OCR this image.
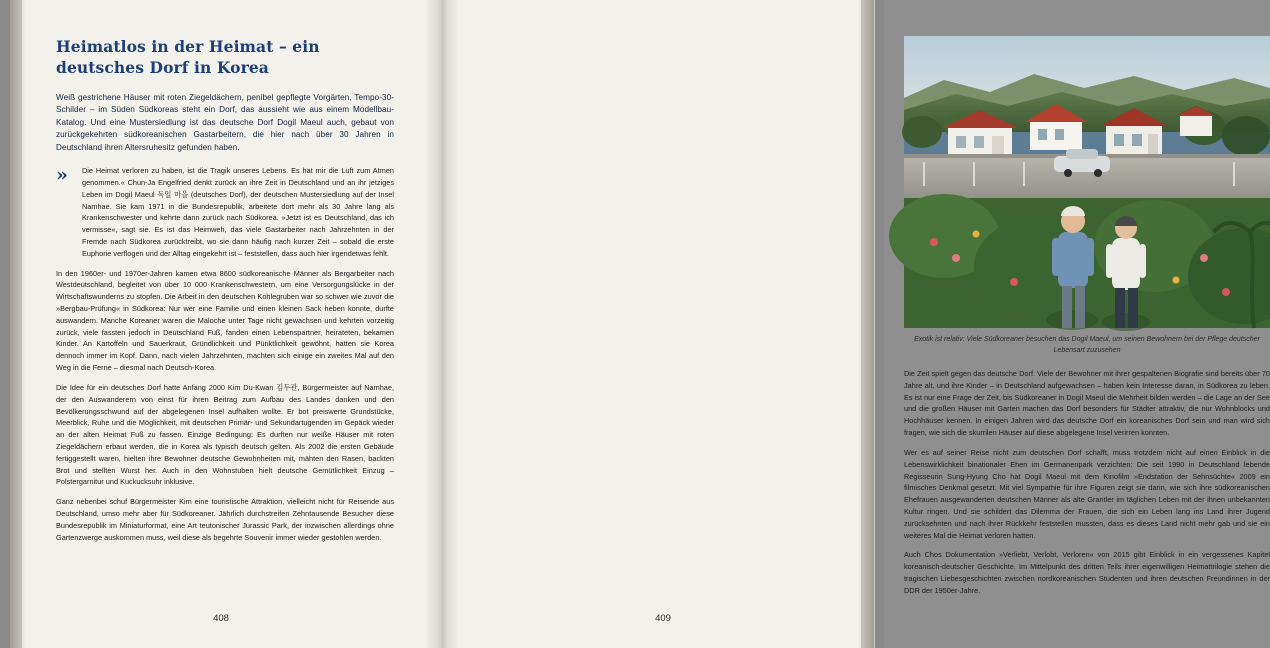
Heimatlos in der Heimat – ein deutsches Dorf in Korea

Weiß gestrichene Häuser mit roten Ziegeldächern, penibel gepflegte Vorgärten, Tempo-30-Schilder – im Süden Südkoreas steht ein Dorf, das aussieht wie aus einem Modellbau-Katalog. Und eine Mustersiedlung ist das deutsche Dorf Dogil Maeul auch, gebaut von zurückgekehrten südkoreanischen Gastarbeitern, die hier nach über 30 Jahren in Deutschland ihren Altersruhesitz gefunden haben.

» Die Heimat verloren zu haben, ist die Tragik unseres Lebens. Es hat mir die Luft zum Atmen genommen.« Chun-Ja Engelfried denkt zurück an ihre Zeit in Deutschland und an ihr jetziges Leben im Dogil Maeul 독일 마을 (deutsches Dorf), der deutschen Mustersiedlung auf der Insel Namhae. Sie kam 1971 in die Bundesrepublik, arbeitete dort mehr als 30 Jahre lang als Krankenschwester und kehrte dann zurück nach Südkorea. »Jetzt ist es Deutschland, das ich vermisse«, sagt sie. Es ist das Heimweh, das viele Gastarbeiter nach Jahrzehnten in der Fremde nach Südkorea zurücktreibt, wo sie dann häufig nach kurzer Zeit – sobald die erste Euphorie verflogen und der Alltag eingekehrt ist – feststellen, dass auch hier irgendetwas fehlt.

In den 1960er- und 1970er-Jahren kamen etwa 8600 südkoreanische Männer als Bergarbeiter nach Westdeutschland, begleitet von über 10 000 Krankenschwestern, um eine Versorgungslücke in der Wirtschaftswunderns zu stopfen. Die Arbeit in den deutschen Kohlegruben war so schwer wie zuvor die »Bergbau-Prüfung« in Südkorea: Nur wer eine Familie und einen kleinen Sack heben konnte, durfte auswandern. Manche Koreaner waren die Maloche unter Tage nicht gewachsen und kehrten vorzeitig zurück, viele fassten jedoch in Deutschland Fuß, fanden einen Lebenspartner, heirateten, bekamen Kinder. An Kartoffeln und Sauerkraut, Gründlichkeit und Pünktlichkeit gewöhnt, hatten sie Korea dennoch immer im Kopf. Dann, nach vielen Jahrzehnten, machten sich einige ein zweites Mal auf den Weg in die Ferne – diesmal nach Deutsch-Korea.

Die Idee für ein deutsches Dorf hatte Anfang 2000 Kim Du-Kwan 김두관, Bürgermeister auf Namhae, der den Auswanderern von einst für ihren Beitrag zum Aufbau des Landes danken und den Bevölkerungsschwund auf der abgelegenen Insel aufhalten wollte. Er bot preiswerte Grundstücke, Meerblick, Ruhe und die Möglichkeit, mit deutschen Primär- und Sekundartugenden im Gepäck wieder an der alten Heimat Fuß zu fassen. Einzige Bedingung: Es durften nur weiße Häuser mit roten Ziegeldächern erbaut werden, die in Korea als typisch deutsch gelten. Als 2002 die ersten Gebäude fertiggestellt waren, hielten ihre Bewohner deutsche Gewohnheiten mit, mähten den Rasen, backten Brot und stellten Wurst her. Auch in den Wohnstuben hielt deutsche Gemütlichkeit Einzug – Polstergarnitur und Kuckucksuhr inklusive.

Ganz nebenbei schuf Bürgermeister Kim eine touristische Attraktion, vielleicht nicht für Reisende aus Deutschland, umso mehr aber für Südkoreaner. Jährlich durchstreifen Zehntausende Besucher diese Bundesrepublik im Miniaturformat, eine Art teutonischer Jurassic Park, der inzwischen allerdings ohne Gartenzwerge auskommen muss, weil diese als begehrte Souvenir immer wieder gestohlen werden.

408

Exotik ist relativ: Viele Südkoreaner besuchen das Dogil Maeul, um seinen Bewohnern bei der Pflege deutscher Lebensart zuzusehen

Die Zeit spielt gegen das deutsche Dorf. Viele der Bewohner mit ihrer gespaltenen Biografie sind bereits über 70 Jahre alt, und ihre Kinder – in Deutschland aufgewachsen – haben kein Interesse daran, in Südkorea zu leben. Es ist nur eine Frage der Zeit, bis Südkoreaner in Dogil Maeul die Mehrheit bilden werden – die Lage an der See und die großen Häuser mit Garten machen das Dorf besonders für Städter attraktiv, die nur Wohnblocks und Hochhäuser kennen. In einigen Jahren wird das deutsche Dorf ein koreanisches Dorf sein und man wird sich fragen, wie sich die skurrilen Häuser auf diese abgelegene Insel verirren konnten.

Wer es auf seiner Reise nicht zum deutschen Dorf schafft, muss trotzdem nicht auf einen Einblick in die Lebenswirklichkeit binationaler Ehen im Germanenpark verzichten: Die seit 1990 in Deutschland lebende Regisseurin Sung-Hyung Cho hat Dogil Maeul mit dem Kinofilm »Endstation der Sehnsüchte« 2009 ein filmisches Denkmal gesetzt. Mit viel Sympathie für ihre Figuren zeigt sie darin, wie sich ihre südkoreanischen Ehefrauen ausgewanderten deutschen Männer als alte Grantler im täglichen Leben mit der ihnen unbekannten Kultur ringen. Und sie schildert das Dilemma der Frauen, die sich ein Leben lang ins Land ihrer Jugend zurücksehnten und nach ihrer Rückkehr feststellen mussten, dass es dieses Land nicht mehr gab und sie ein weiteres Mal die Heimat verloren hatten.

Auch Chos Dokumentation »Verliebt, Verlobt, Verloren« von 2015 gibt Einblick in ein vergessenes Kapitel koreanisch-deutscher Geschichte. Im Mittelpunkt des dritten Teils ihrer eigenwilligen Heimattrilogie stehen die tragischen Liebesgeschichten zwischen nordkoreanischen Studenten und ihren deutschen Freundinnen in der DDR der 1950er-Jahre.

409
